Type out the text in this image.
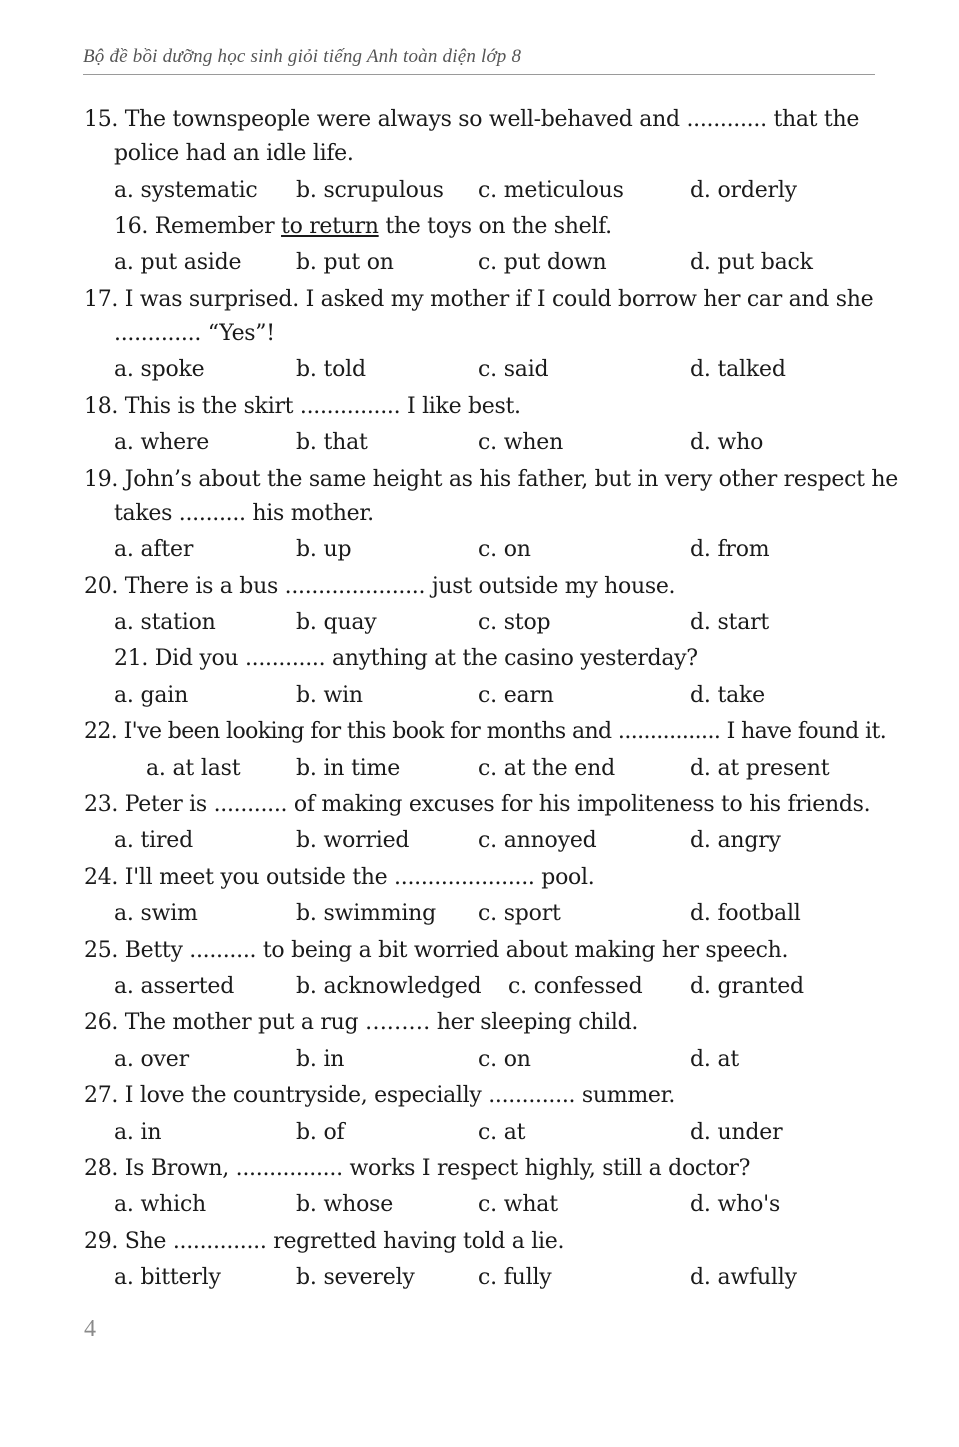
Bộ đề bồi dưỡng học sinh giỏi tiếng Anh toàn diện lớp 8
15. The townspeople were always so well-behaved and ............ that the
police had an idle life.
a. systematic b. scrupulous c. meticulous	d. orderly
16. Remember to return the toys on the shelf.
a. put aside b. put on	c. put down	d. put back
17. I was surprised. I asked my mother if I could borrow her car and she
............. “Yes”!
a. spoke	b. told	c. said	d. talked
18. This is the skirt ............... I like best.
a. where	b. that	c. when	d. who
19. John’s about the same height as his father, but in very other respect he
takes .......... his mother.
a. after	b. up	c. on	d. from
20. There is a bus ..................... just outside my house.
a. station	b. quay	c. stop	d. start
21. Did you ............ anything at the casino yesterday?
a. gain	b. win	c. earn	d. take
22. I've been looking for this book for months and ................ I have found it.
a. at last	b. in time	c. at the end	d. at present
23. Peter is ........... of making excuses for his impoliteness to his friends.
a. tired	b. worried	c. annoyed	d. angry
24. I'll meet you outside the ..................... pool.
a. swim	b. swimming c. sport	d. football
25. Betty .......... to being a bit worried about making her speech.
a. asserted	b. acknowledged c. confessed d. granted
26. The mother put a rug ……… her sleeping child.
a. over	b. in	c. on	d. at
27. I love the countryside, especially ............. summer.
a. in	b. of	c. at	d. under
28. Is Brown, ................ works I respect highly, still a doctor?
a. which	b. whose	c. what	d. who's
29. She .............. regretted having told a lie.
a. bitterly	b. severely	c. fully	d. awfully
4
